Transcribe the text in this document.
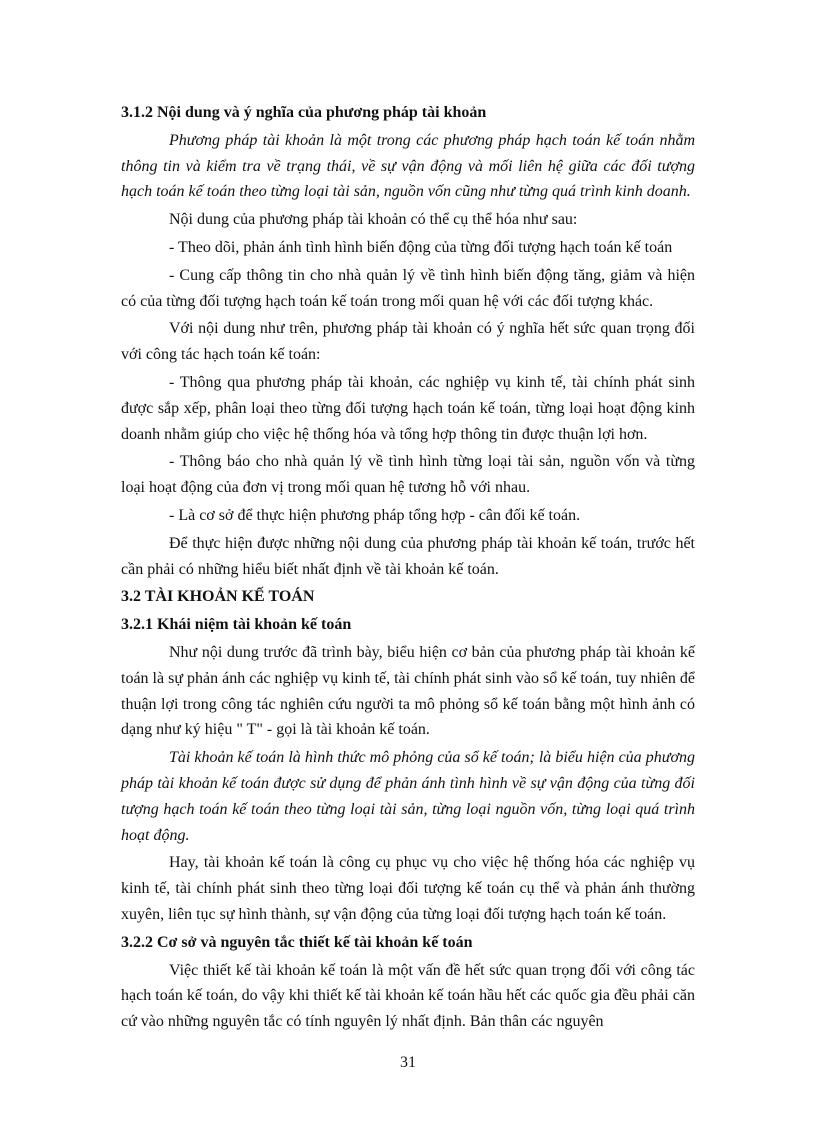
3.1.2 Nội dung và ý nghĩa của phương pháp tài khoản

Phương pháp tài khoản là một trong các phương pháp hạch toán kế toán nhằm thông tin và kiểm tra về trạng thái, về sự vận động và mối liên hệ giữa các đối tượng hạch toán kế toán theo từng loại tài sản, nguồn vốn cũng như từng quá trình kinh doanh.

Nội dung của phương pháp tài khoản có thể cụ thể hóa như sau:

- Theo dõi, phản ánh tình hình biến động của từng đối tượng hạch toán kế toán

- Cung cấp thông tin cho nhà quản lý về tình hình biến động tăng, giảm và hiện có của từng đối tượng hạch toán kế toán trong mối quan hệ với các đối tượng khác.

Với nội dung như trên, phương pháp tài khoản có ý nghĩa hết sức quan trọng đối với công tác hạch toán kế toán:

- Thông qua phương pháp tài khoản, các nghiệp vụ kinh tế, tài chính phát sinh được sắp xếp, phân loại theo từng đối tượng hạch toán kế toán, từng loại hoạt động kinh doanh nhằm giúp cho việc hệ thống hóa và tổng hợp thông tin được thuận lợi hơn.

- Thông báo cho nhà quản lý về tình hình từng loại tài sản, nguồn vốn và từng loại hoạt động của đơn vị trong mối quan hệ tương hỗ với nhau.

- Là cơ sở để thực hiện phương pháp tổng hợp - cân đối kế toán.

Để thực hiện được những nội dung của phương pháp tài khoản kế toán, trước hết cần phải có những hiểu biết nhất định về tài khoản kế toán.

3.2 TÀI KHOẢN KẾ TOÁN

3.2.1 Khái niệm tài khoản kế toán

Như nội dung trước đã trình bày, biểu hiện cơ bản của phương pháp tài khoản kế toán là sự phản ánh các nghiệp vụ kinh tế, tài chính phát sinh vào sổ kế toán, tuy nhiên để thuận lợi trong công tác nghiên cứu người ta mô phỏng sổ kế toán bằng một hình ảnh có dạng như ký hiệu " T" - gọi là tài khoản kế toán.

Tài khoản kế toán là hình thức mô phỏng của sổ kế toán; là biểu hiện của phương pháp tài khoản kế toán được sử dụng để phản ánh tình hình về sự vận động của từng đối tượng hạch toán kế toán theo từng loại tài sản, từng loại nguồn vốn, từng loại quá trình hoạt động.

Hay, tài khoản kế toán là công cụ phục vụ cho việc hệ thống hóa các nghiệp vụ kinh tế, tài chính phát sinh theo từng loại đối tượng kế toán cụ thể và phản ánh thường xuyên, liên tục sự hình thành, sự vận động của từng loại đối tượng hạch toán kế toán.

3.2.2 Cơ sở và nguyên tắc thiết kế tài khoản kế toán

Việc thiết kế tài khoản kế toán là một vấn đề hết sức quan trọng đối với công tác hạch toán kế toán, do vậy khi thiết kế tài khoản kế toán hầu hết các quốc gia đều phải căn cứ vào những nguyên tắc có tính nguyên lý nhất định. Bản thân các nguyên

31
